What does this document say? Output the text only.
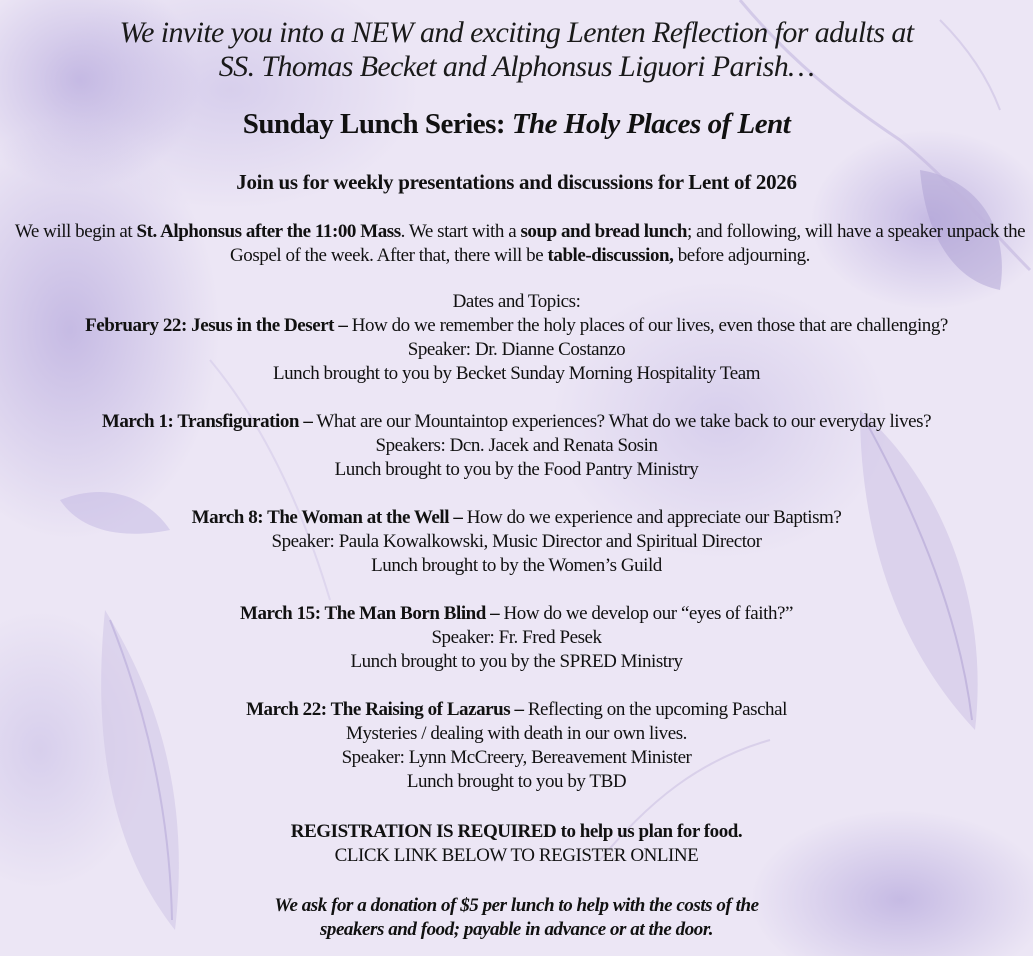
We invite you into a NEW and exciting Lenten Reflection for adults at
SS. Thomas Becket and Alphonsus Liguori Parish…
Sunday Lunch Series: The Holy Places of Lent
Join us for weekly presentations and discussions for Lent of 2026
We will begin at St. Alphonsus after the 11:00 Mass. We start with a soup and bread lunch; and following, will have a speaker unpack the Gospel of the week. After that, there will be table-discussion, before adjourning.

Dates and Topics:

February 22: Jesus in the Desert – How do we remember the holy places of our lives, even those that are challenging?

Speaker: Dr. Dianne Costanzo

Lunch brought to you by Becket Sunday Morning Hospitality Team

March 1: Transfiguration – What are our Mountaintop experiences? What do we take back to our everyday lives?

Speakers: Dcn. Jacek and Renata Sosin

Lunch brought to you by the Food Pantry Ministry

March 8: The Woman at the Well – How do we experience and appreciate our Baptism?

Speaker: Paula Kowalkowski, Music Director and Spiritual Director

Lunch brought to by the Women’s Guild

March 15: The Man Born Blind – How do we develop our “eyes of faith?”

Speaker: Fr. Fred Pesek

Lunch brought to you by the SPRED Ministry

March 22: The Raising of Lazarus – Reflecting on the upcoming Paschal

Mysteries / dealing with death in our own lives.

Speaker: Lynn McCreery, Bereavement Minister

Lunch brought to you by TBD

REGISTRATION IS REQUIRED to help us plan for food.

CLICK LINK BELOW TO REGISTER ONLINE

We ask for a donation of $5 per lunch to help with the costs of the
speakers and food; payable in advance or at the door.
